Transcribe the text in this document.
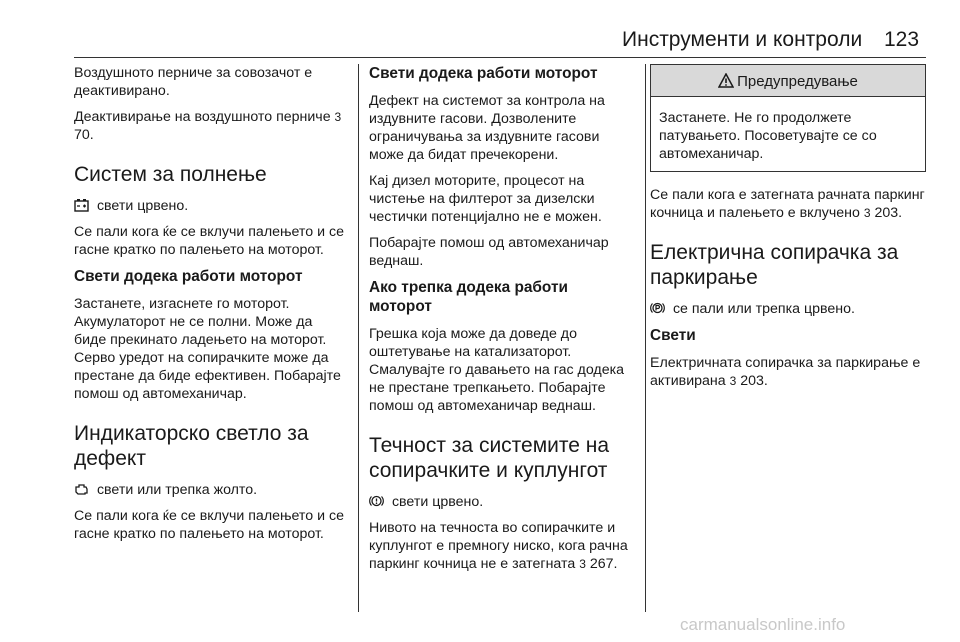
Инструменти и контроли 123

Воздушното перниче за совозачот е деактивирано.

Деактивирање на воздушното перниче 3 70.

Систем за полнење

свети црвено.

Се пали кога ќе се вклучи палењето и се гасне кратко по палењето на моторот.

Свети додека работи моторот

Застанете, изгаснете го моторот. Акумулаторот не се полни. Може да биде прекинато ладењето на моторот. Серво уредот на сопирачките може да престане да биде ефективен. Побарајте помош од автомеханичар.

Индикаторско светло за дефект

свети или трепка жолто.

Се пали кога ќе се вклучи палењето и се гасне кратко по палењето на моторот.

Свети додека работи моторот

Дефект на системот за контрола на издувните гасови. Дозволените ограничувања за издувните гасови може да бидат пречекорени.

Кај дизел моторите, процесот на чистење на филтерот за дизелски честички потенцијално не е можен.

Побарајте помош од автомеханичар веднаш.

Ако трепка додека работи моторот

Грешка која може да доведе до оштетување на катализаторот. Смалувајте го давањето на гас додека не престане трепкањето. Побарајте помош од автомеханичар веднаш.

Течност за системите на сопирачките и куплунгот

свети црвено.

Нивото на течноста во сопирачките и куплунгот е премногу ниско, кога рачна паркинг кочница не е затегната 3 267.

Предупредување
Застанете. Не го продолжете патувањето. Посоветувајте се со автомеханичар.

Се пали кога е затегната рачната паркинг кочница и палењето е вклучено 3 203.

Електрична сопирачка за паркирање

се пали или трепка црвено.

Свети

Електричната сопирачка за паркирање е активирана 3 203.

carmanualsonline.info
